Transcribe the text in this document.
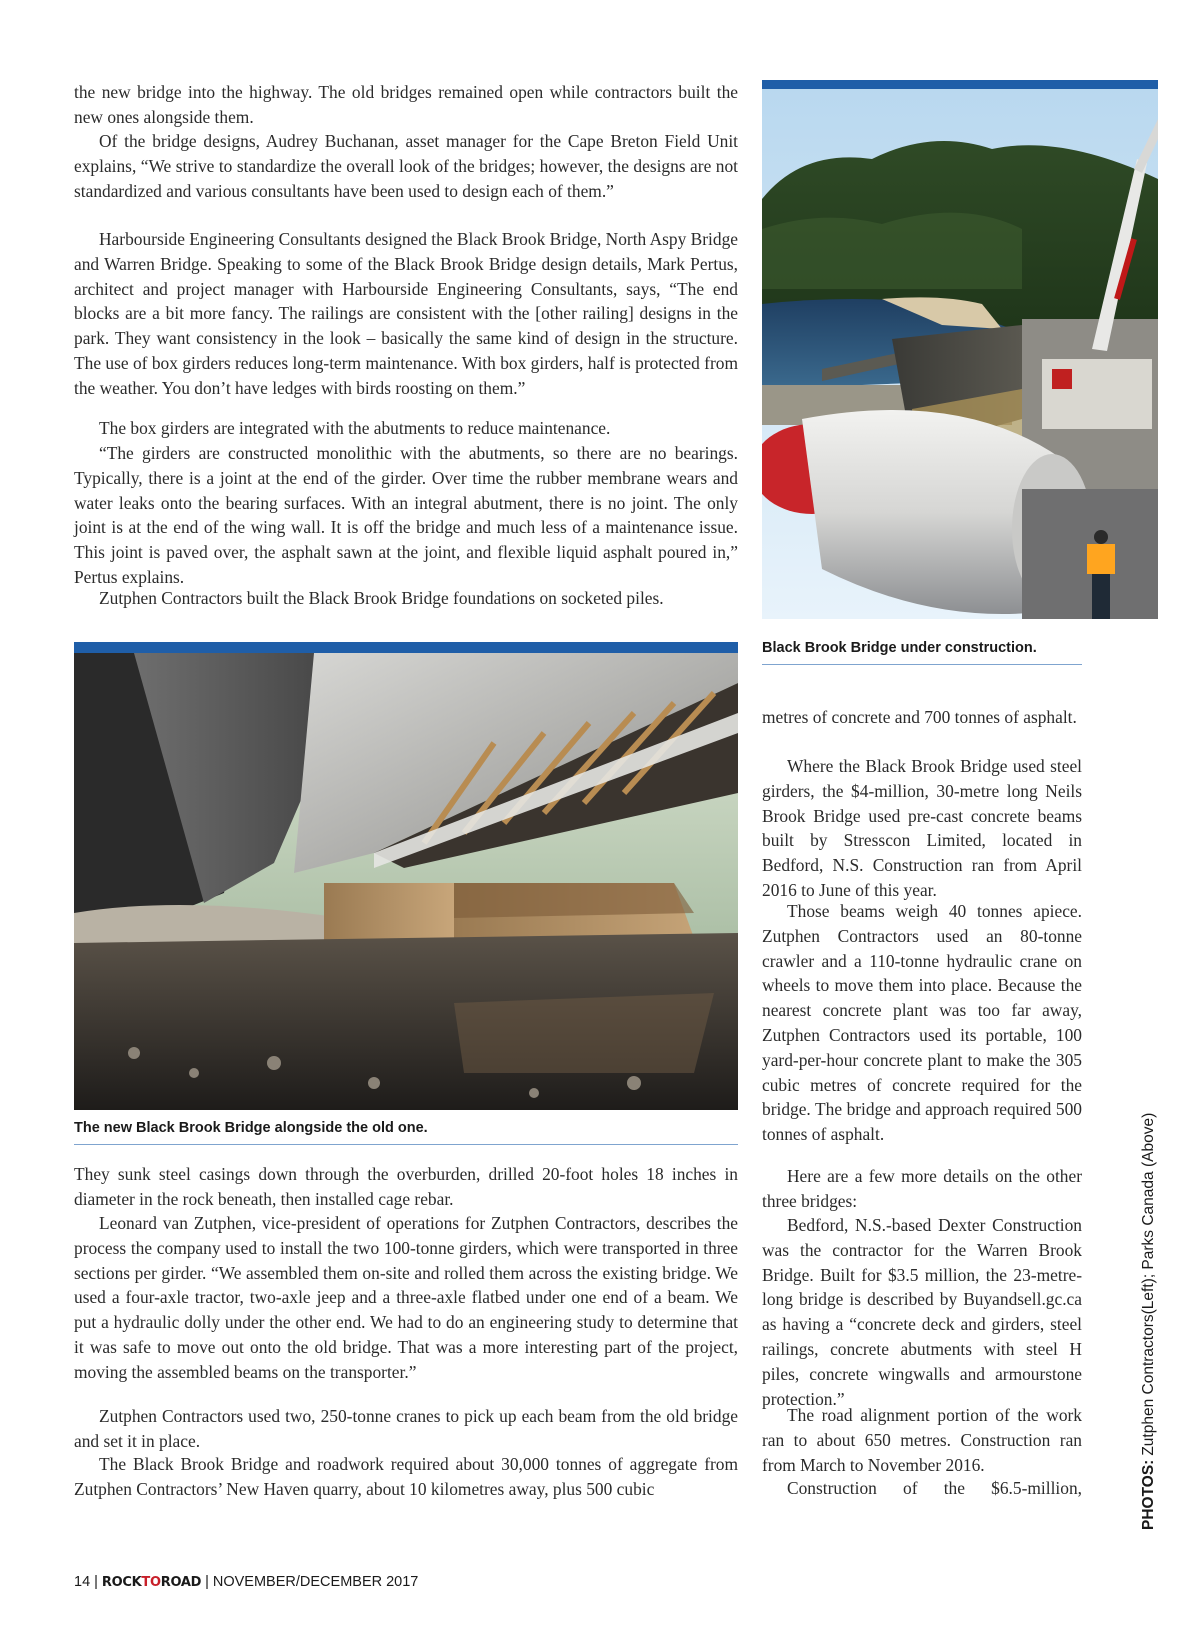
the new bridge into the highway. The old bridges remained open while contractors built the new ones alongside them.

Of the bridge designs, Audrey Buchanan, asset manager for the Cape Breton Field Unit explains, “We strive to standardize the overall look of the bridges; however, the designs are not standardized and various consultants have been used to design each of them.”

Harbourside Engineering Consultants designed the Black Brook Bridge, North Aspy Bridge and Warren Bridge. Speaking to some of the Black Brook Bridge design details, Mark Pertus, architect and project manager with Harbourside Engineering Consultants, says, “The end blocks are a bit more fancy. The railings are consistent with the [other railing] designs in the park. They want consistency in the look – basically the same kind of design in the structure. The use of box girders reduces long-term maintenance. With box girders, half is protected from the weather. You don’t have ledges with birds roosting on them.”

The box girders are integrated with the abutments to reduce maintenance.

“The girders are constructed monolithic with the abutments, so there are no bearings. Typically, there is a joint at the end of the girder. Over time the rubber membrane wears and water leaks onto the bearing surfaces. With an integral abutment, there is no joint. The only joint is at the end of the wing wall. It is off the bridge and much less of a maintenance issue. This joint is paved over, the asphalt sawn at the joint, and flexible liquid asphalt poured in,” Pertus explains.

Zutphen Contractors built the Black Brook Bridge foundations on socketed piles.

Black Brook Bridge under construction.
The new Black Brook Bridge alongside the old one.

They sunk steel casings down through the overburden, drilled 20-foot holes 18 inches in diameter in the rock beneath, then installed cage rebar.

Leonard van Zutphen, vice-president of operations for Zutphen Contractors, describes the process the company used to install the two 100-tonne girders, which were transported in three sections per girder. “We assembled them on-site and rolled them across the existing bridge. We used a four-axle tractor, two-axle jeep and a three-axle flatbed under one end of a beam. We put a hydraulic dolly under the other end. We had to do an engineering study to determine that it was safe to move out onto the old bridge. That was a more interesting part of the project, moving the assembled beams on the transporter.”

Zutphen Contractors used two, 250-tonne cranes to pick up each beam from the old bridge and set it in place.

The Black Brook Bridge and roadwork required about 30,000 tonnes of aggregate from Zutphen Contractors’ New Haven quarry, about 10 kilometres away, plus 500 cubic

metres of concrete and 700 tonnes of asphalt.

Where the Black Brook Bridge used steel girders, the $4-million, 30-metre long Neils Brook Bridge used pre-cast concrete beams built by Stresscon Limited, located in Bedford, N.S. Construction ran from April 2016 to June of this year.

Those beams weigh 40 tonnes apiece. Zutphen Contractors used an 80-tonne crawler and a 110-tonne hydraulic crane on wheels to move them into place. Because the nearest concrete plant was too far away, Zutphen Contractors used its portable, 100 yard-per-hour concrete plant to make the 305 cubic metres of concrete required for the bridge. The bridge and approach required 500 tonnes of asphalt.

Here are a few more details on the other three bridges:

Bedford, N.S.-based Dexter Construction was the contractor for the Warren Brook Bridge. Built for $3.5 million, the 23-metre-long bridge is described by Buyandsell.gc.ca as having a “concrete deck and girders, steel railings, concrete abutments with steel H piles, concrete wingwalls and armourstone protection.”

The road alignment portion of the work ran to about 650 metres. Construction ran from March to November 2016.

Construction of the $6.5-million,	PHOTOS:Zutphen Contractors(Left); Parks Canada (Above)
14 | ROCKTOROAD | NOVEMBER/DECEMBER 2017
